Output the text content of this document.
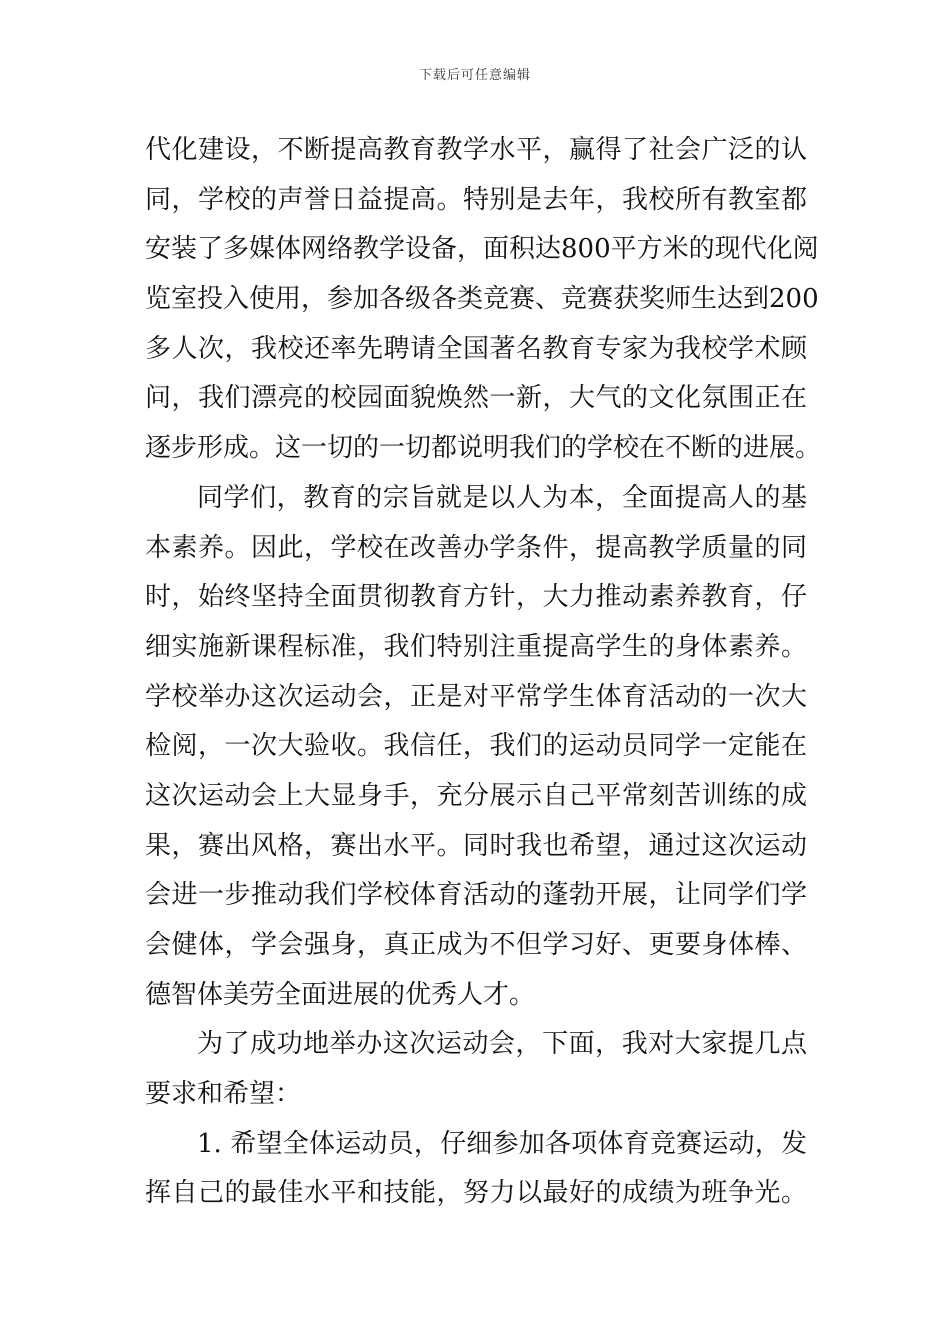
下载后可任意编辑
代化建设，不断提高教育教学水平，赢得了社会广泛的认
同，学校的声誉日益提高。特别是去年，我校所有教室都
安装了多媒体网络教学设备，面积达800平方米的现代化阅
览室投入使用，参加各级各类竞赛、竞赛获奖师生达到200
多人次，我校还率先聘请全国著名教育专家为我校学术顾
问，我们漂亮的校园面貌焕然一新，大气的文化氛围正在
逐步形成。这一切的一切都说明我们的学校在不断的进展。
同学们，教育的宗旨就是以人为本，全面提高人的基
本素养。因此，学校在改善办学条件，提高教学质量的同
时，始终坚持全面贯彻教育方针，大力推动素养教育，仔
细实施新课程标准，我们特别注重提高学生的身体素养。
学校举办这次运动会，正是对平常学生体育活动的一次大
检阅，一次大验收。我信任，我们的运动员同学一定能在
这次运动会上大显身手，充分展示自己平常刻苦训练的成
果，赛出风格，赛出水平。同时我也希望，通过这次运动
会进一步推动我们学校体育活动的蓬勃开展，让同学们学
会健体，学会强身，真正成为不但学习好、更要身体棒、
德智体美劳全面进展的优秀人才。
为了成功地举办这次运动会，下面，我对大家提几点
要求和希望：
1. 希望全体运动员，仔细参加各项体育竞赛运动，发
挥自己的最佳水平和技能，努力以最好的成绩为班争光。
